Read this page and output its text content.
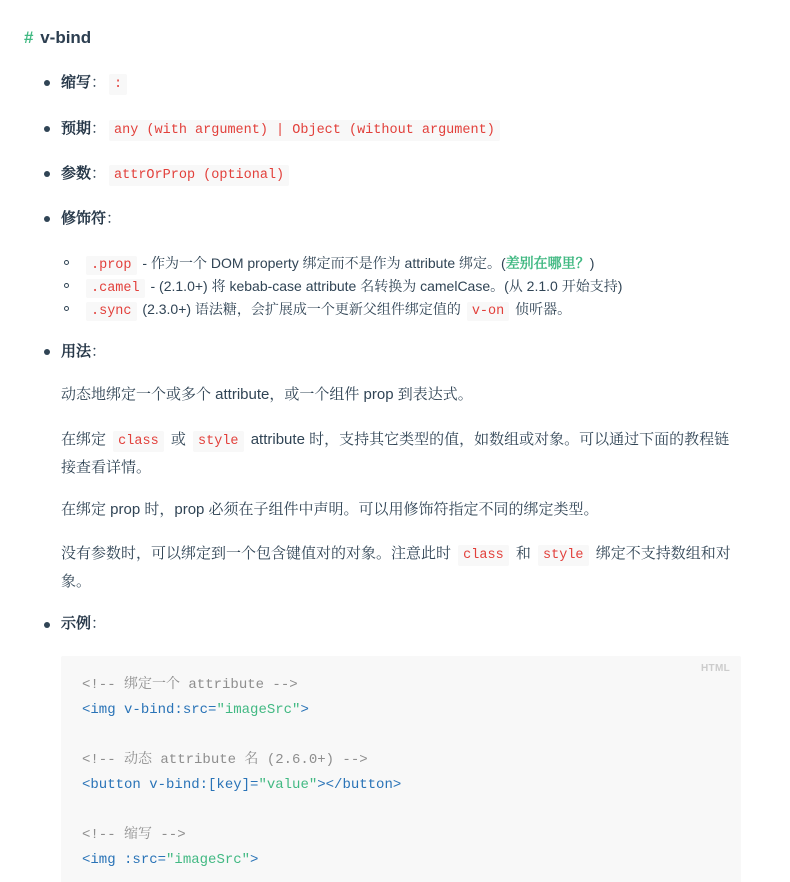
# v-bind
缩写： :
预期： any (with argument) | Object (without argument)
参数： attrOrProp (optional)
修饰符：
.prop - 作为一个 DOM property 绑定而不是作为 attribute 绑定。(差别在哪里？)
.camel - (2.1.0+) 将 kebab-case attribute 名转换为 camelCase。(从 2.1.0 开始支持)
.sync (2.3.0+) 语法糖，会扩展成一个更新父组件绑定值的 v-on 侦听器。
用法：
动态地绑定一个或多个 attribute，或一个组件 prop 到表达式。
在绑定 class 或 style attribute 时，支持其它类型的值，如数组或对象。可以通过下面的教程链接查看详情。
在绑定 prop 时，prop 必须在子组件中声明。可以用修饰符指定不同的绑定类型。
没有参数时，可以绑定到一个包含键值对的对象。注意此时 class 和 style 绑定不支持数组和对象。
示例：
HTML
<!-- 绑定一个 attribute -->
<img v-bind:src="imageSrc">
<!-- 动态 attribute 名 (2.6.0+) -->
<button v-bind:[key]="value"></button>
<!-- 缩写 -->
<img :src="imageSrc">
